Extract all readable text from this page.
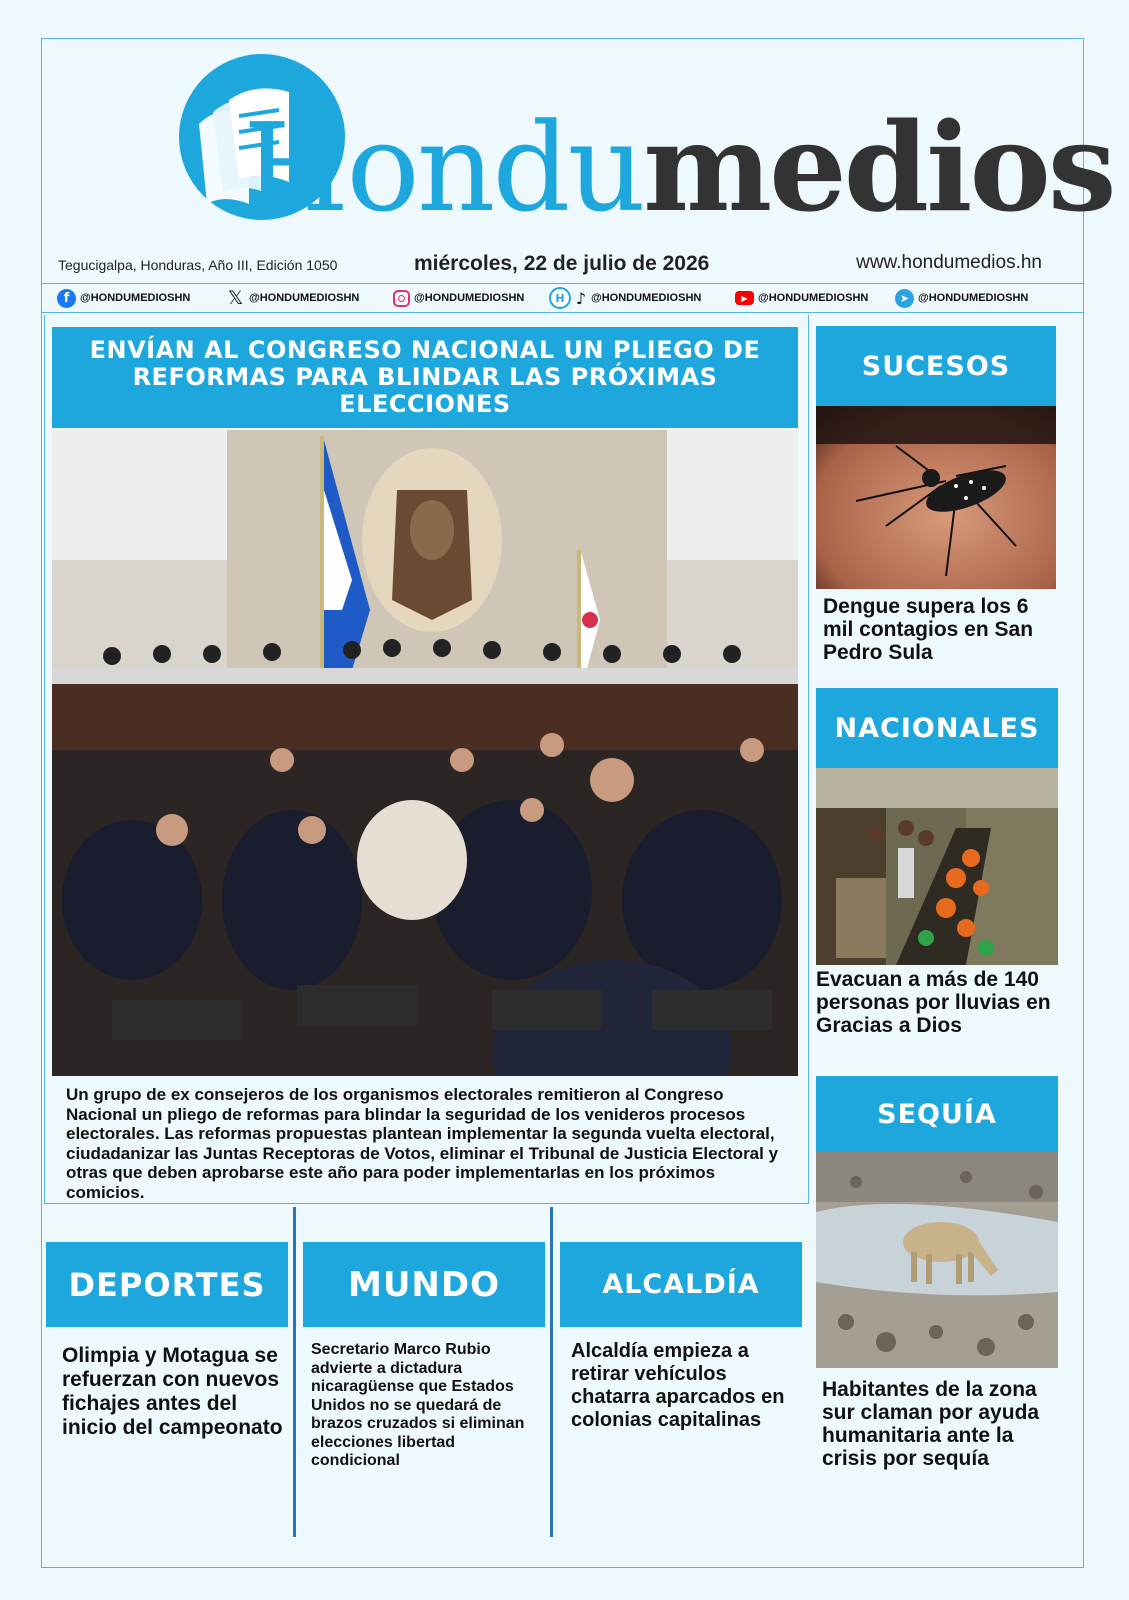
Hondumedios
Tegucigalpa, Honduras, Año III, Edición 1050	miércoles, 22 de julio de 2026	www.hondumedios.hn
f @HONDUMEDIOSHN 𝕏 @HONDUMEDIOSHN	@HONDUMEDIOSHN	H ♪ @HONDUMEDIOSHN	▶ @HONDUMEDIOSHN	➤ @HONDUMEDIOSHN
ENVÍAN AL CONGRESO NACIONAL UN PLIEGO DE REFORMAS PARA BLINDAR LAS PRÓXIMAS ELECCIONES
Un grupo de ex consejeros de los organismos electorales remitieron al Congreso Nacional un pliego de reformas para blindar la seguridad de los venideros procesos electorales. Las reformas propuestas plantean implementar la segunda vuelta electoral, ciudadanizar las Juntas Receptoras de Votos, eliminar el Tribunal de Justicia Electoral y otras que deben aprobarse este año para poder implementarlas en los próximos comicios.
SUCESOS
Dengue supera los 6 mil contagios en San Pedro Sula
NACIONALES
Evacuan a más de 140 personas por lluvias en Gracias a Dios
SEQUÍA
Habitantes de la zona sur claman por ayuda humanitaria ante la crisis por sequía
DEPORTES
Olimpia y Motagua se refuerzan con nuevos fichajes antes del inicio del campeonato
MUNDO
Secretario Marco Rubio advierte a dictadura nicaragüense que Estados Unidos no se quedará de brazos cruzados si eliminan elecciones libertad condicional
ALCALDÍA
Alcaldía empieza a retirar vehículos chatarra aparcados en colonias capitalinas
